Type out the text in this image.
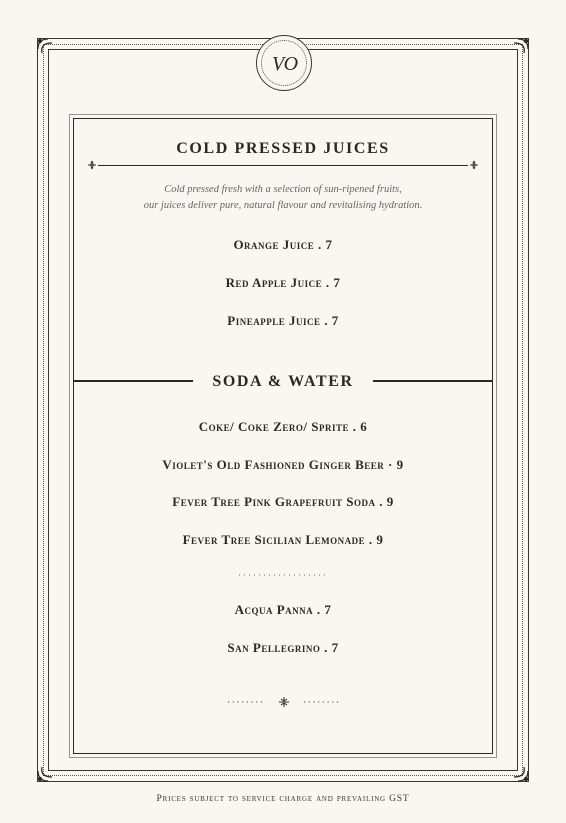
VO
COLD PRESSED JUICES
Cold pressed fresh with a selection of sun-ripened fruits,
our juices deliver pure, natural flavour and revitalising hydration.
Orange Juice . 7
Red Apple Juice . 7
Pineapple Juice . 7
SODA & WATER
Coke/ Coke Zero/ Sprite . 6
Violet's Old Fashioned Ginger Beer · 9
Fever Tree Pink Grapefruit Soda . 9
Fever Tree Sicilian Lemonade . 9
Acqua Panna . 7
San Pellegrino . 7
Prices subject to service charge and prevailing GST
